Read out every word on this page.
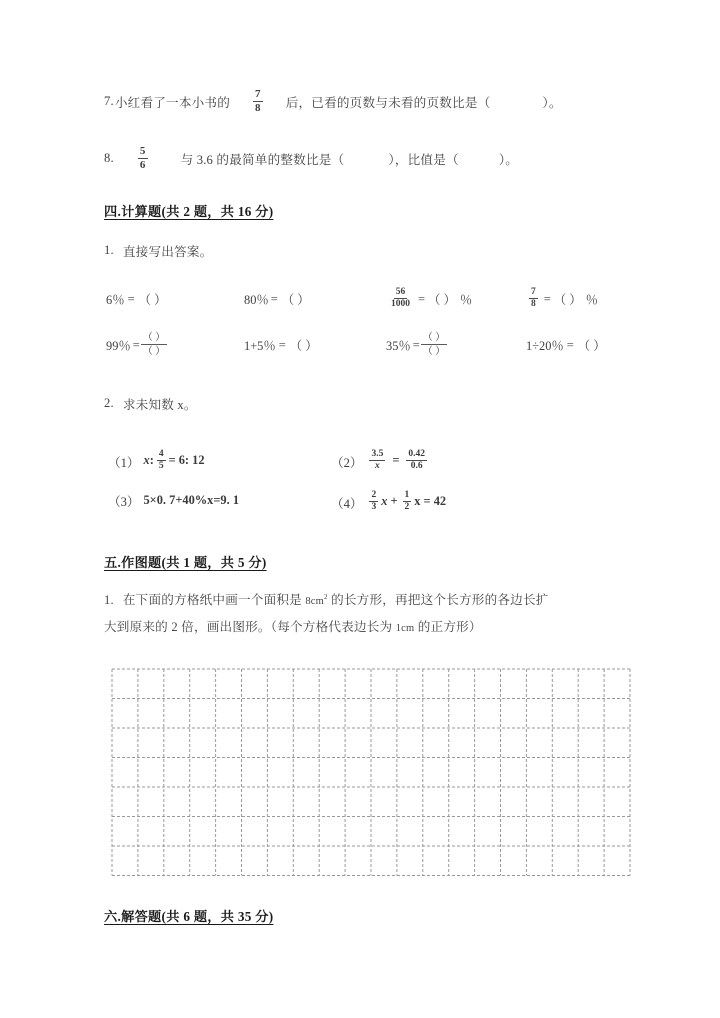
7. 小红看了一本小书的 $\frac{7}{8}$ 后，已看的页数与未看的页数比是（	）。
8. $\frac{5}{6}$	与 3.6 的最简单的整数比是（	），比值是（	）。
四.计算题(共 2 题，共 16 分)
1. 直接写出答案。
6％ = （ ）	80％ = （ ）	$\frac{56}{1000}$ = （ ） ％	$\frac{7}{8}$ = （ ） ％
99％ = $\frac{( )}{( )}$	1+5％ = （ ）	35％ = $\frac{( )}{( )}$	1÷20％ = （ ）
2. 求未知数 x。
（1） x: $\frac{4}{5} = 6$: 12	$(2) \frac{3.5}{x} = \frac{0.42}{0.6}$
（3） 5×0. 7+40%x=9. 1	$(4) \frac{2}{3}$ $x + \frac{1}{2}$ x = 42
五.作图题(共 1 题，共 5 分)
1. 在下面的方格纸中画一个面积是 $8cm^2$ 的长方形，再把这个长方形的各边长扩
大到原来的 2 倍，画出图形。（每个方格代表边长为 1cm 的正方形）
六.解答题(共 6 题，共 35 分)
